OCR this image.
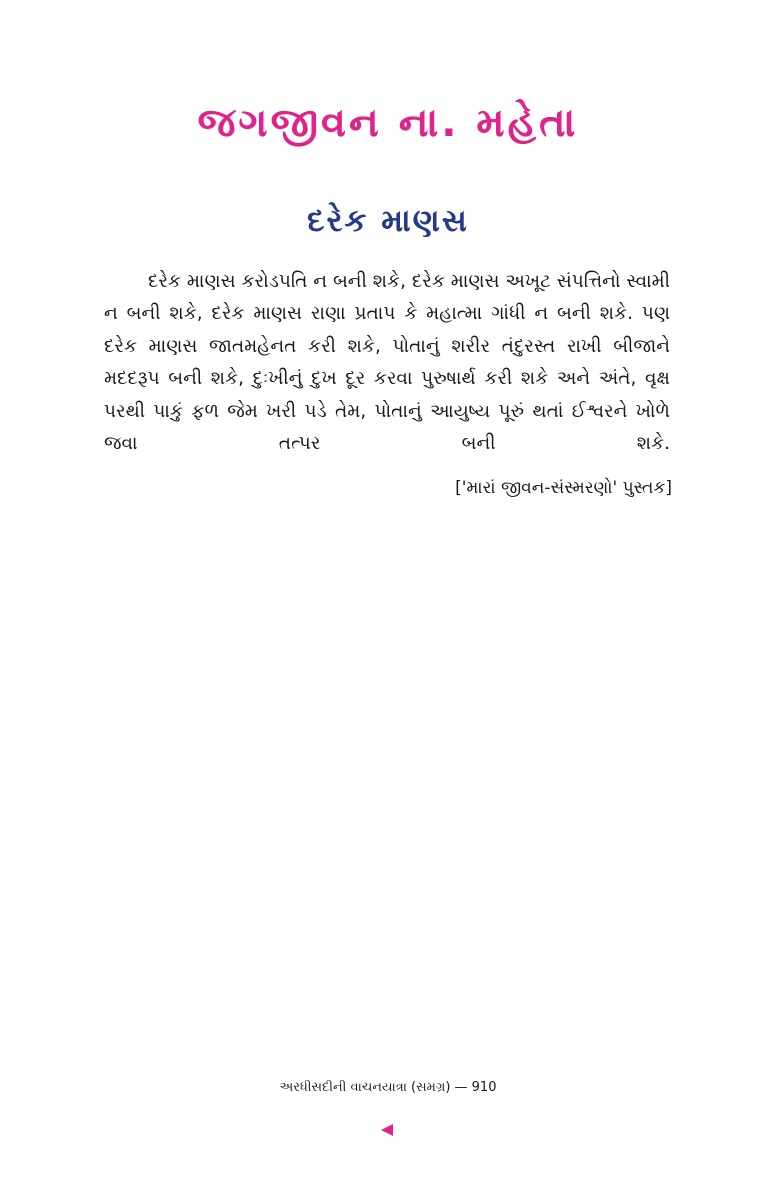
જગજીવન ના. મહેતા
દરેક માણસ

દરેક માણસ કરોડપતિ ન બની શકે, દરેક માણસ અખૂટ સંપત્તિનો સ્વામી ન બની શકે, દરેક માણસ રાણા પ્રતાપ કે મહાત્મા ગાંધી ન બની શકે. પણ દરેક માણસ જાતમહેનત કરી શકે, પોતાનું શરીર તંદુરસ્ત રાખી બીજાને મદદરૂપ બની શકે, દુઃખીનું દુખ દૂર કરવા પુરુષાર્થ કરી શકે અને અંતે, વૃક્ષ પરથી પાકું ફળ જેમ ખરી પડે તેમ, પોતાનું આયુષ્ય પૂરું થતાં ઈશ્વરને ખોળે જવા તત્પર બની શકે.

['મારાં જીવન-સંસ્મરણો' પુસ્તક]
અરધીસદીની વાચનયાત્રા (સમગ્ર) — 910
